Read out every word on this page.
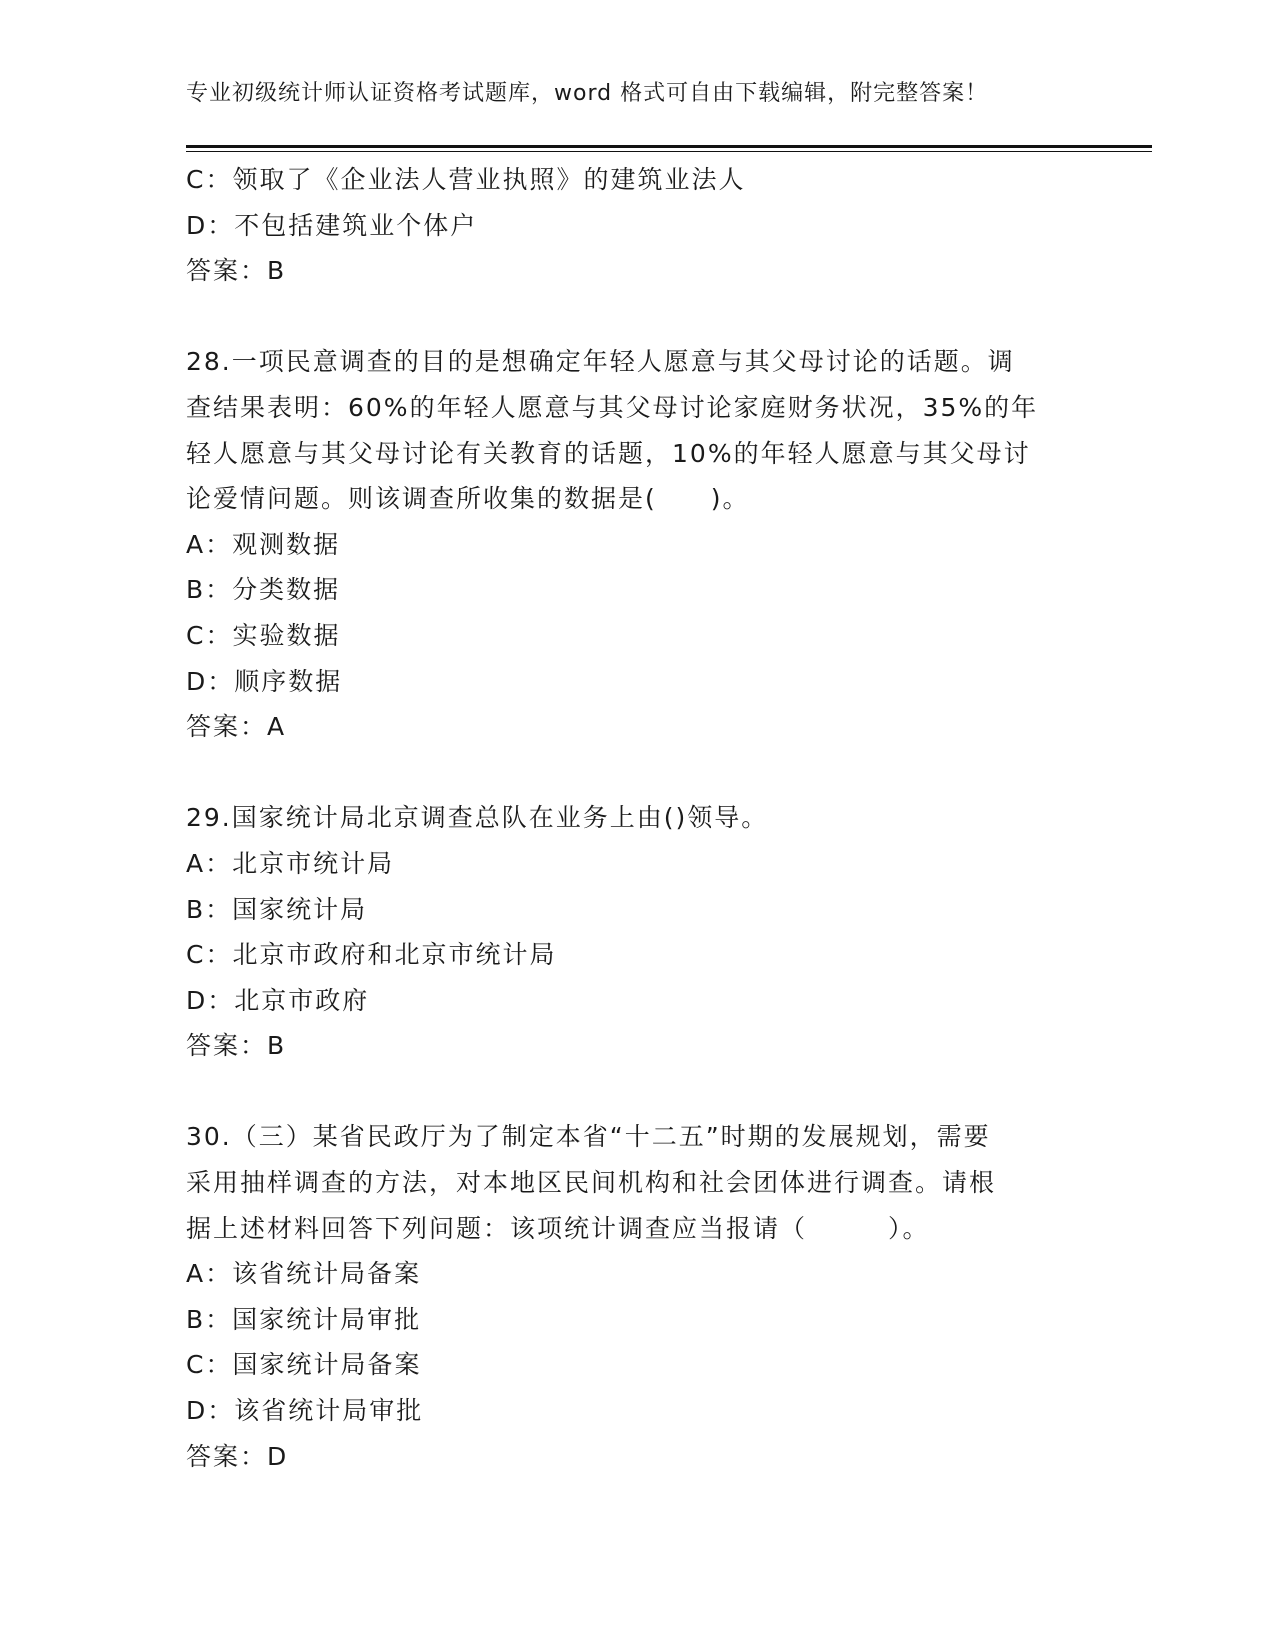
专业初级统计师认证资格考试题库，word 格式可自由下载编辑，附完整答案！
C：领取了《企业法人营业执照》的建筑业法人
D：不包括建筑业个体户
答案：B
28.一项民意调查的目的是想确定年轻人愿意与其父母讨论的话题。调
查结果表明：60%的年轻人愿意与其父母讨论家庭财务状况，35%的年
轻人愿意与其父母讨论有关教育的话题，10%的年轻人愿意与其父母讨
论爱情问题。则该调查所收集的数据是(　　)。
A：观测数据
B：分类数据
C：实验数据
D：顺序数据
答案：A
29.国家统计局北京调查总队在业务上由()领导。
A：北京市统计局
B：国家统计局
C：北京市政府和北京市统计局
D：北京市政府
答案：B
30.（三）某省民政厅为了制定本省“十二五”时期的发展规划，需要
采用抽样调查的方法，对本地区民间机构和社会团体进行调查。请根
据上述材料回答下列问题：该项统计调查应当报请（　　　）。
A：该省统计局备案
B：国家统计局审批
C：国家统计局备案
D：该省统计局审批
答案：D
